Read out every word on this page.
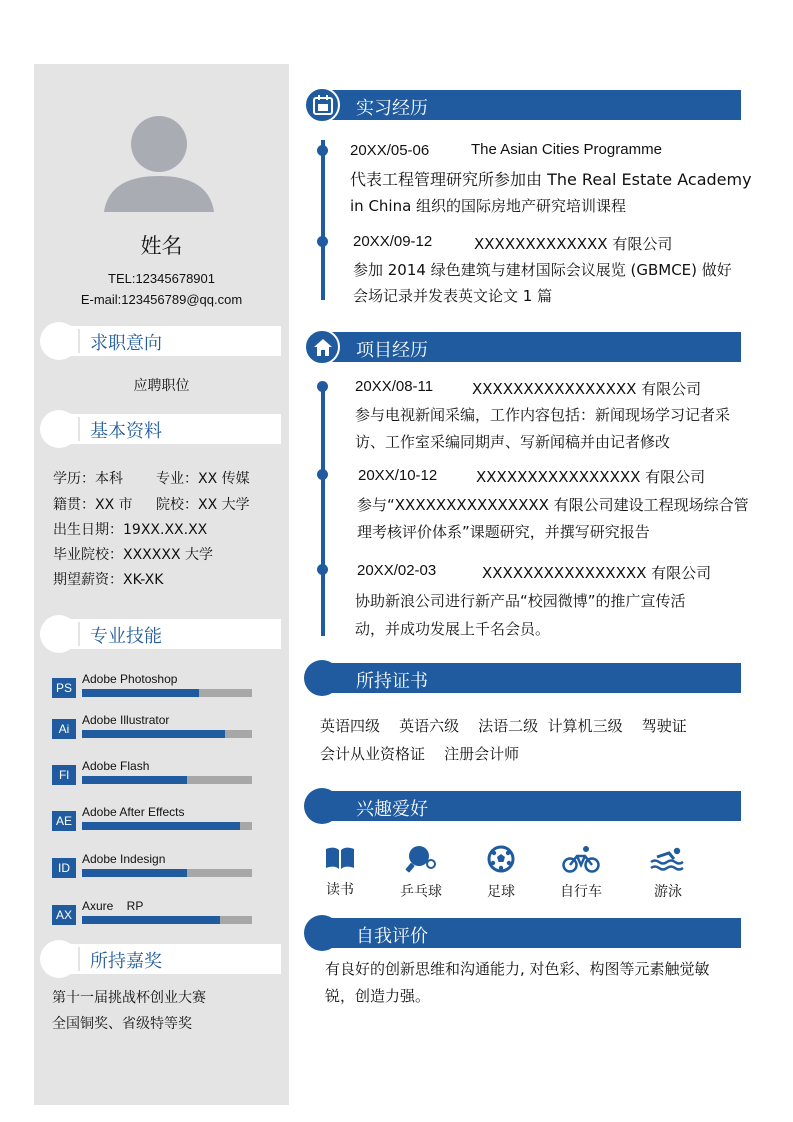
姓名
TEL:12345678901
E-mail:123456789@qq.com
求职意向
应聘职位
基本资料
学历：本科 专业：XX 传媒
籍贯：XX 市 院校：XX 大学
出生日期：19XX.XX.XX
毕业院校：XXXXXX 大学
期望薪资：XK-XK
专业技能
PS
Adobe Photoshop
Ai
Adobe Illustrator
Fl
Adobe Flash
AE
Adobe After Effects
ID
Adobe Indesign
AX
Axure    RP
所持嘉奖
第十一届挑战杯创业大赛
全国铜奖、省级特等奖
实习经历
20XX/05-06	The Asian Cities Programme
代表工程管理研究所参加由 The Real Estate Academy
in China 组织的国际房地产研究培训课程
20XX/09-12	XXXXXXXXXXXXX 有限公司
参加 2014 绿色建筑与建材国际会议展览 (GBMCE) 做好
会场记录并发表英文论文 1 篇
项目经历
20XX/08-11	XXXXXXXXXXXXXXXX 有限公司
参与电视新闻采编，工作内容包括：新闻现场学习记者采
访、工作室采编同期声、写新闻稿并由记者修改
20XX/10-12	XXXXXXXXXXXXXXXX 有限公司
参与“XXXXXXXXXXXXXXX 有限公司建设工程现场综合管
理考核评价体系”课题研究，并撰写研究报告
20XX/02-03	XXXXXXXXXXXXXXXX 有限公司
协助新浪公司进行新产品“校园微博”的推广宣传活
动，并成功发展上千名会员。
所持证书
英语四级    英语六级    法语二级  计算机三级    驾驶证
会计从业资格证    注册会计师
兴趣爱好
读书	乒乓球	足球	自行车	游泳
自我评价
有良好的创新思维和沟通能力, 对色彩、构图等元素触觉敏
锐，创造力强。
